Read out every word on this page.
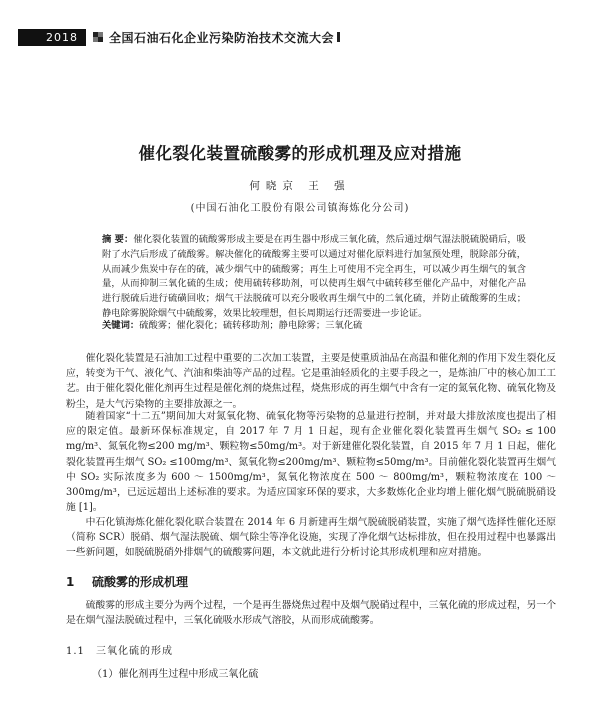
2018	全国石油石化企业污染防治技术交流大会
催化裂化装置硫酸雾的形成机理及应对措施
何晓京 王 强
(中国石油化工股份有限公司镇海炼化分公司)
摘 要：催化裂化装置的硫酸雾形成主要是在再生器中形成三氧化硫，然后通过烟气湿法脱硫脱硝后，吸附了水汽后形成了硫酸雾。解决催化的硫酸雾主要可以通过对催化原料进行加氢预处理，脱除部分硫，从而减少焦炭中存在的硫，减少烟气中的硫酸雾；再生上可使用不完全再生，可以减少再生烟气的氧含量，从而抑制三氧化硫的生成；使用硫转移助剂，可以使再生烟气中硫转移至催化产品中，对催化产品进行脱硫后进行硫磺回收；烟气干法脱硫可以充分吸收再生烟气中的二氧化硫，并防止硫酸雾的生成；静电除雾脱除烟气中硫酸雾，效果比较理想，但长周期运行还需要进一步论证。
关键词：硫酸雾；催化裂化；硫转移助剂；静电除雾；三氧化硫
催化裂化装置是石油加工过程中重要的二次加工装置，主要是使重质油品在高温和催化剂的作用下发生裂化反应，转变为干气、液化气、汽油和柴油等产品的过程。它是重油轻质化的主要手段之一，是炼油厂中的核心加工工艺。由于催化裂化催化剂再生过程是催化剂的烧焦过程，烧焦形成的再生烟气中含有一定的氮氧化物、硫氧化物及粉尘，是大气污染物的主要排放源之一。
随着国家“十二五”期间加大对氮氧化物、硫氧化物等污染物的总量进行控制，并对最大排放浓度也提出了相应的限定值。最新环保标准规定，自 2017 年 7 月 1 日起，现有企业催化裂化装置再生烟气 SO₂ ≤ 100 mg/m³、氮氧化物≤200 mg/m³、颗粒物≤50mg/m³。对于新建催化裂化装置，自 2015 年 7 月 1 日起，催化裂化装置再生烟气 SO₂ ≤100mg/m³、氮氧化物≤200mg/m³、颗粒物≤50mg/m³。目前催化裂化装置再生烟气中 SO₂ 实际浓度多为 600 ～ 1500mg/m³，氮氧化物浓度在 500 ～ 800mg/m³，颗粒物浓度在 100 ～300mg/m³，已远远超出上述标准的要求。为适应国家环保的要求，大多数炼化企业均增上催化烟气脱硫脱硝设施 [1]。
中石化镇海炼化催化裂化联合装置在 2014 年 6 月新建再生烟气脱硫脱硝装置，实施了烟气选择性催化还原（简称 SCR）脱硝、烟气湿法脱硫、烟气除尘等净化设施，实现了净化烟气达标排放，但在投用过程中也暴露出一些新问题，如脱硫脱硝外排烟气的硫酸雾问题，本文就此进行分析讨论其形成机理和应对措施。
1 硫酸雾的形成机理
硫酸雾的形成主要分为两个过程，一个是再生器烧焦过程中及烟气脱硝过程中，三氧化硫的形成过程，另一个是在烟气湿法脱硫过程中，三氧化硫吸水形成气溶胶，从而形成硫酸雾。
1.1 三氧化硫的形成
（1）催化剂再生过程中形成三氧化硫
